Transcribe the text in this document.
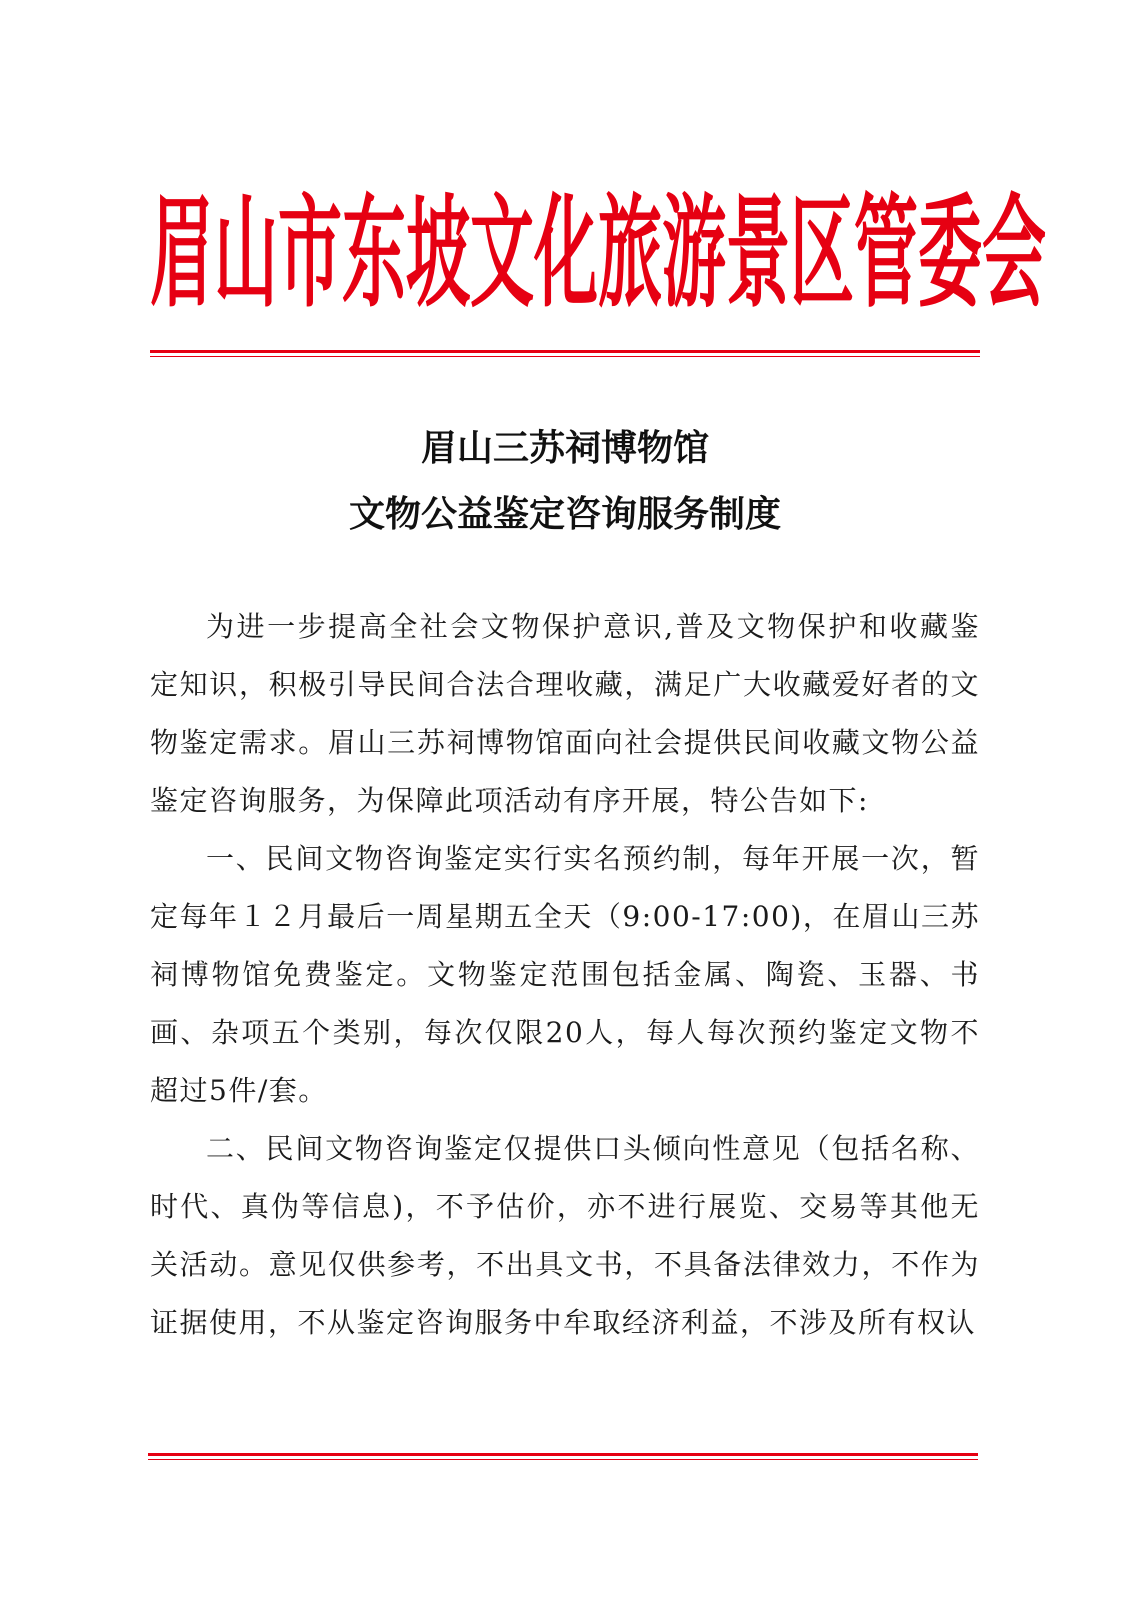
眉山市东坡文化旅游景区管委会
眉山三苏祠博物馆
文物公益鉴定咨询服务制度

为进一步提高全社会文物保护意识,普及文物保护和收藏鉴定知识，积极引导民间合法合理收藏，满足广大收藏爱好者的文物鉴定需求。眉山三苏祠博物馆面向社会提供民间收藏文物公益鉴定咨询服务，为保障此项活动有序开展，特公告如下:

一、民间文物咨询鉴定实行实名预约制，每年开展一次，暂定每年１２月最后一周星期五全天（9:00-17:00)，在眉山三苏祠博物馆免费鉴定。文物鉴定范围包括金属、陶瓷、玉器、书画、杂项五个类别，每次仅限20人，每人每次预约鉴定文物不超过5件/套。

二、民间文物咨询鉴定仅提供口头倾向性意见（包括名称、时代、真伪等信息)，不予估价，亦不进行展览、交易等其他无关活动。意见仅供参考，不出具文书，不具备法律效力，不作为证据使用，不从鉴定咨询服务中牟取经济利益，不涉及所有权认
